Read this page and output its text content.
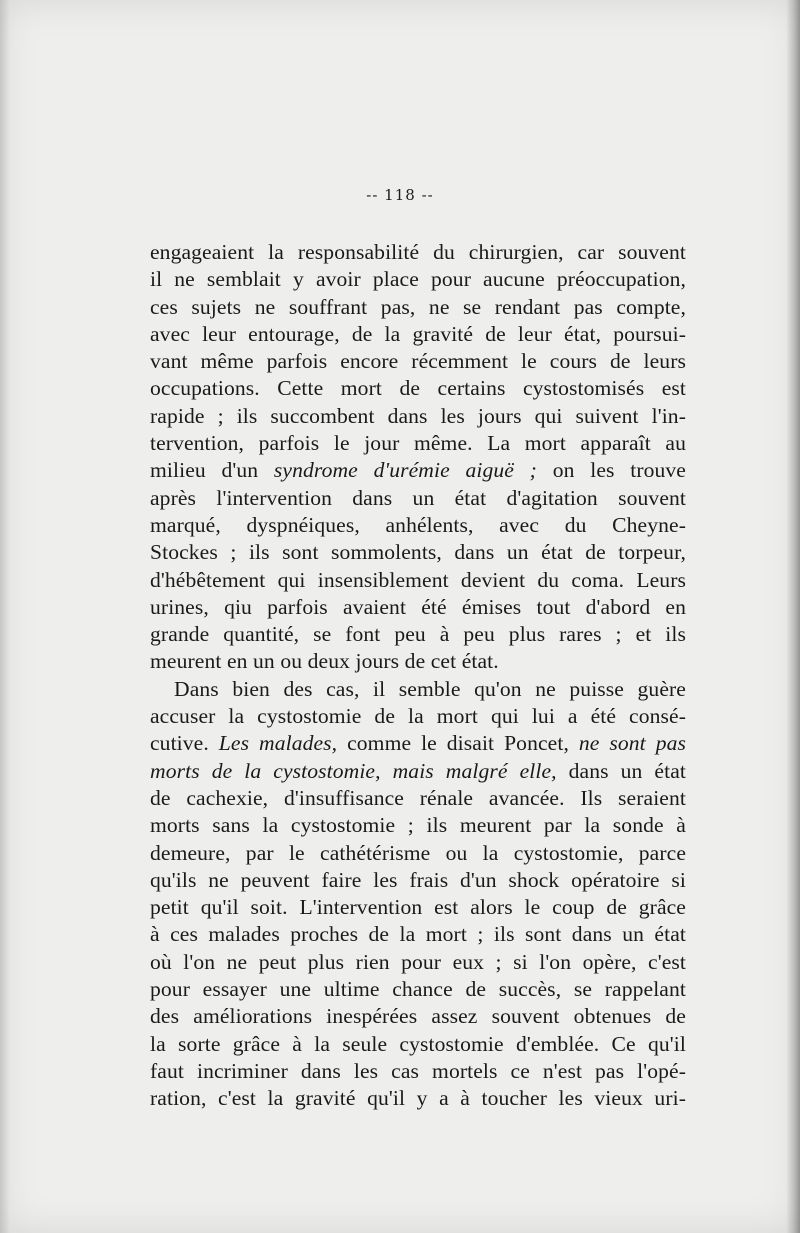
-- 118 --

engageaient la responsabilité du chirurgien, car souvent
il ne semblait y avoir place pour aucune préoccupation,
ces sujets ne souffrant pas, ne se rendant pas compte,
avec leur entourage, de la gravité de leur état, poursui-
vant même parfois encore récemment le cours de leurs
occupations. Cette mort de certains cystostomisés est
rapide ; ils succombent dans les jours qui suivent l'in-
tervention, parfois le jour même. La mort apparaît au
milieu d'un syndrome d'urémie aiguë ; on les trouve
après l'intervention dans un état d'agitation souvent
marqué, dyspnéiques, anhélents, avec du Cheyne-
Stockes ; ils sont sommolents, dans un état de torpeur,
d'hébêtement qui insensiblement devient du coma. Leurs
urines, qiu parfois avaient été émises tout d'abord en
grande quantité, se font peu à peu plus rares ; et ils
meurent en un ou deux jours de cet état.

Dans bien des cas, il semble qu'on ne puisse guère
accuser la cystostomie de la mort qui lui a été consé-
cutive. Les malades, comme le disait Poncet, ne sont pas
morts de la cystostomie, mais malgré elle, dans un état
de cachexie, d'insuffisance rénale avancée. Ils seraient
morts sans la cystostomie ; ils meurent par la sonde à
demeure, par le cathétérisme ou la cystostomie, parce
qu'ils ne peuvent faire les frais d'un shock opératoire si
petit qu'il soit. L'intervention est alors le coup de grâce
à ces malades proches de la mort ; ils sont dans un état
où l'on ne peut plus rien pour eux ; si l'on opère, c'est
pour essayer une ultime chance de succès, se rappelant
des améliorations inespérées assez souvent obtenues de
la sorte grâce à la seule cystostomie d'emblée. Ce qu'il
faut incriminer dans les cas mortels ce n'est pas l'opé-
ration, c'est la gravité qu'il y a à toucher les vieux uri-
